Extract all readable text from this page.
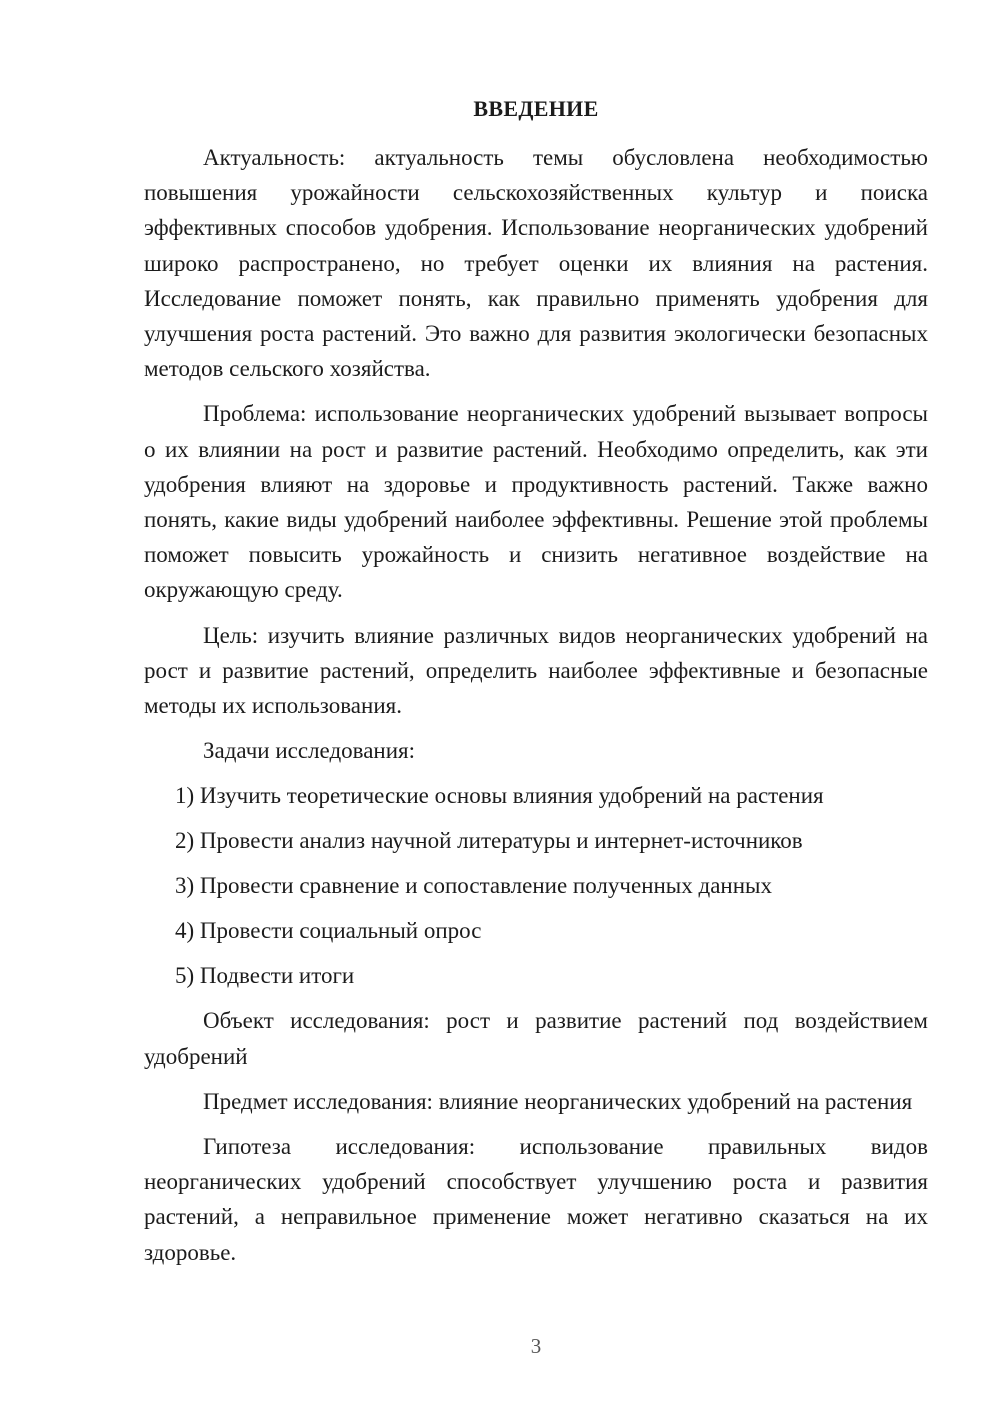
ВВЕДЕНИЕ

Актуальность: актуальность темы обусловлена необходимостью повышения урожайности сельскохозяйственных культур и поиска эффективных способов удобрения. Использование неорганических удобрений широко распространено, но требует оценки их влияния на растения. Исследование поможет понять, как правильно применять удобрения для улучшения роста растений. Это важно для развития экологически безопасных методов сельского хозяйства.

Проблема: использование неорганических удобрений вызывает вопросы о их влиянии на рост и развитие растений. Необходимо определить, как эти удобрения влияют на здоровье и продуктивность растений. Также важно понять, какие виды удобрений наиболее эффективны. Решение этой проблемы поможет повысить урожайность и снизить негативное воздействие на окружающую среду.

Цель: изучить влияние различных видов неорганических удобрений на рост и развитие растений, определить наиболее эффективные и безопасные методы их использования.

Задачи исследования:

1) Изучить теоретические основы влияния удобрений на растения

2) Провести анализ научной литературы и интернет-источников

3) Провести сравнение и сопоставление полученных данных

4) Провести социальный опрос

5) Подвести итоги

Объект исследования: рост и развитие растений под воздействием удобрений

Предмет исследования: влияние неорганических удобрений на растения

Гипотеза исследования: использование правильных видов неорганических удобрений способствует улучшению роста и развития растений, а неправильное применение может негативно сказаться на их здоровье.

3
